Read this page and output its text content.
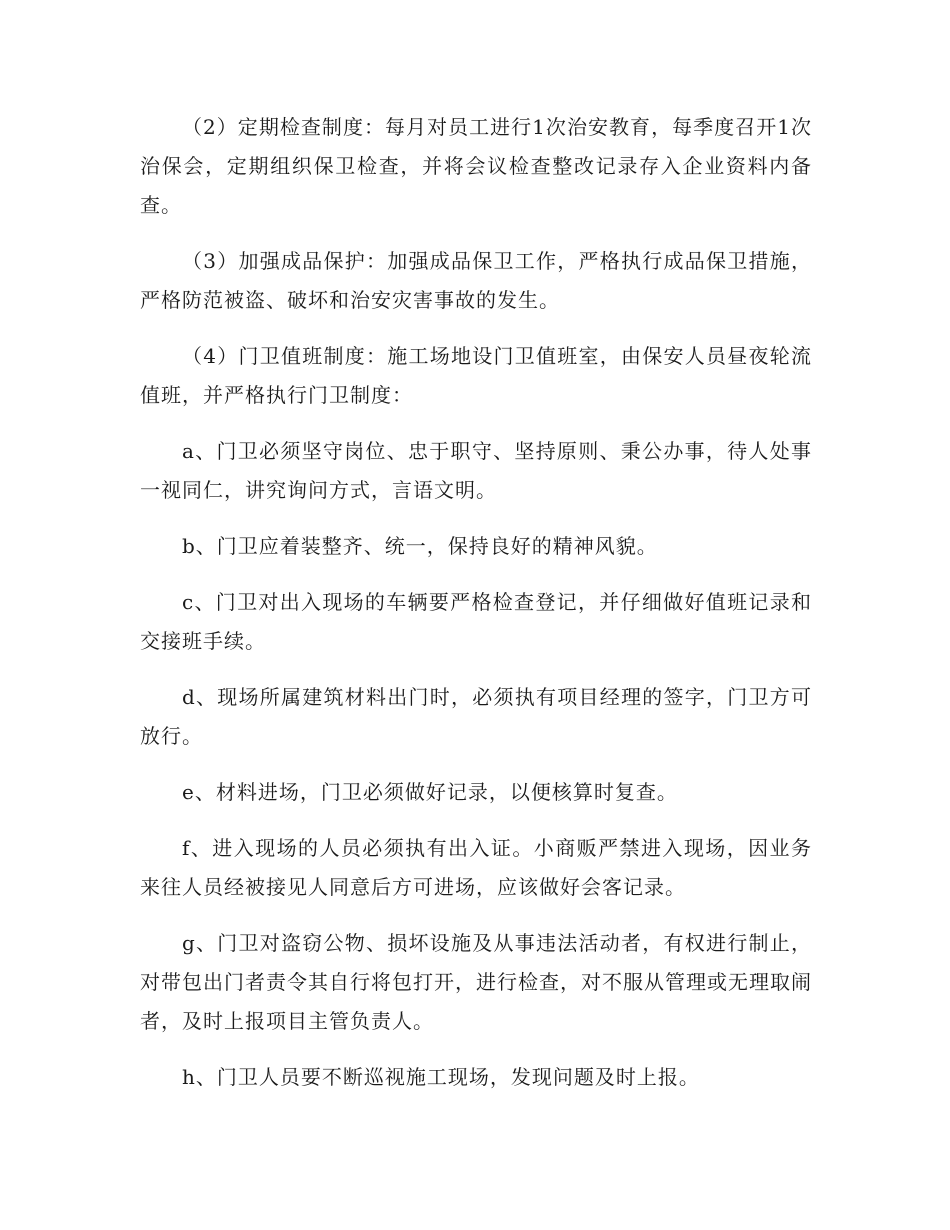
（2）定期检查制度：每月对员工进行1次治安教育，每季度召开1次治保会，定期组织保卫检查，并将会议检查整改记录存入企业资料内备查。

（3）加强成品保护：加强成品保卫工作，严格执行成品保卫措施，严格防范被盗、破坏和治安灾害事故的发生。

（4）门卫值班制度：施工场地设门卫值班室，由保安人员昼夜轮流值班，并严格执行门卫制度：

a、门卫必须坚守岗位、忠于职守、坚持原则、秉公办事，待人处事一视同仁，讲究询问方式，言语文明。

b、门卫应着装整齐、统一，保持良好的精神风貌。

c、门卫对出入现场的车辆要严格检查登记，并仔细做好值班记录和交接班手续。

d、现场所属建筑材料出门时，必须执有项目经理的签字，门卫方可放行。

e、材料进场，门卫必须做好记录，以便核算时复查。

f、进入现场的人员必须执有出入证。小商贩严禁进入现场，因业务来往人员经被接见人同意后方可进场，应该做好会客记录。

g、门卫对盗窃公物、损坏设施及从事违法活动者，有权进行制止，对带包出门者责令其自行将包打开，进行检查，对不服从管理或无理取闹者，及时上报项目主管负责人。

h、门卫人员要不断巡视施工现场，发现问题及时上报。
